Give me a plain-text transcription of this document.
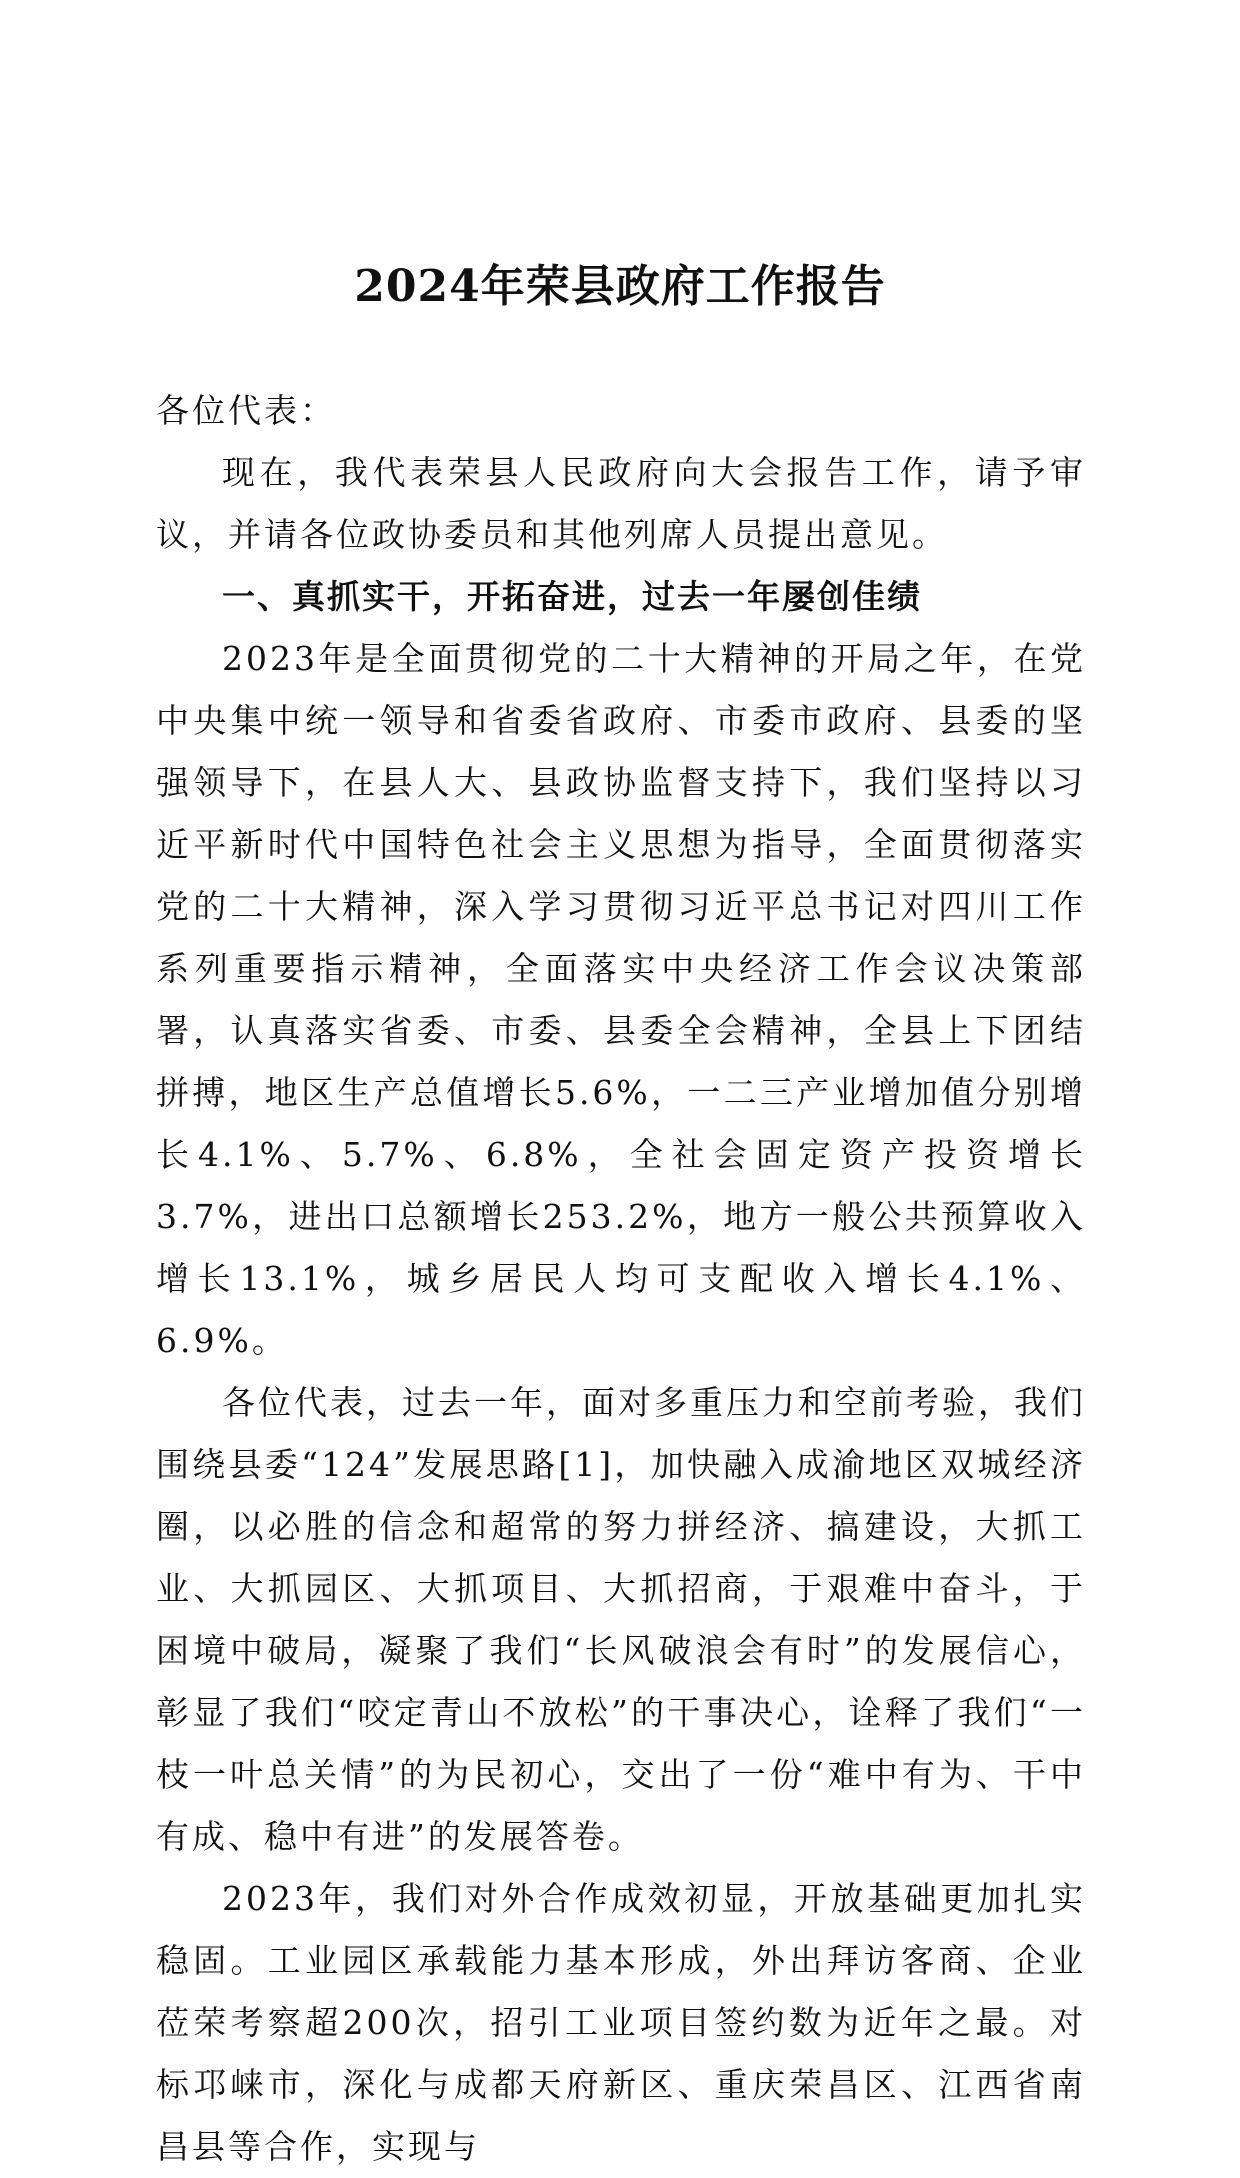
2024年荣县政府工作报告

各位代表：

现在，我代表荣县人民政府向大会报告工作，请予审议，并请各位政协委员和其他列席人员提出意见。

一、真抓实干，开拓奋进，过去一年屡创佳绩

2023年是全面贯彻党的二十大精神的开局之年，在党中央集中统一领导和省委省政府、市委市政府、县委的坚强领导下，在县人大、县政协监督支持下，我们坚持以习近平新时代中国特色社会主义思想为指导，全面贯彻落实党的二十大精神，深入学习贯彻习近平总书记对四川工作系列重要指示精神，全面落实中央经济工作会议决策部署，认真落实省委、市委、县委全会精神，全县上下团结拼搏，地区生产总值增长5.6%，一二三产业增加值分别增长4.1%、5.7%、6.8%，全社会固定资产投资增长3.7%，进出口总额增长253.2%，地方一般公共预算收入增长13.1%，城乡居民人均可支配收入增长4.1%、6.9%。

各位代表，过去一年，面对多重压力和空前考验，我们围绕县委“124”发展思路[1]，加快融入成渝地区双城经济圈，以必胜的信念和超常的努力拼经济、搞建设，大抓工业、大抓园区、大抓项目、大抓招商，于艰难中奋斗，于困境中破局，凝聚了我们“长风破浪会有时”的发展信心，彰显了我们“咬定青山不放松”的干事决心，诠释了我们“一枝一叶总关情”的为民初心，交出了一份“难中有为、干中有成、稳中有进”的发展答卷。

2023年，我们对外合作成效初显，开放基础更加扎实稳固。工业园区承载能力基本形成，外出拜访客商、企业莅荣考察超200次，招引工业项目签约数为近年之最。对标邛崃市，深化与成都天府新区、重庆荣昌区、江西省南昌县等合作，实现与
